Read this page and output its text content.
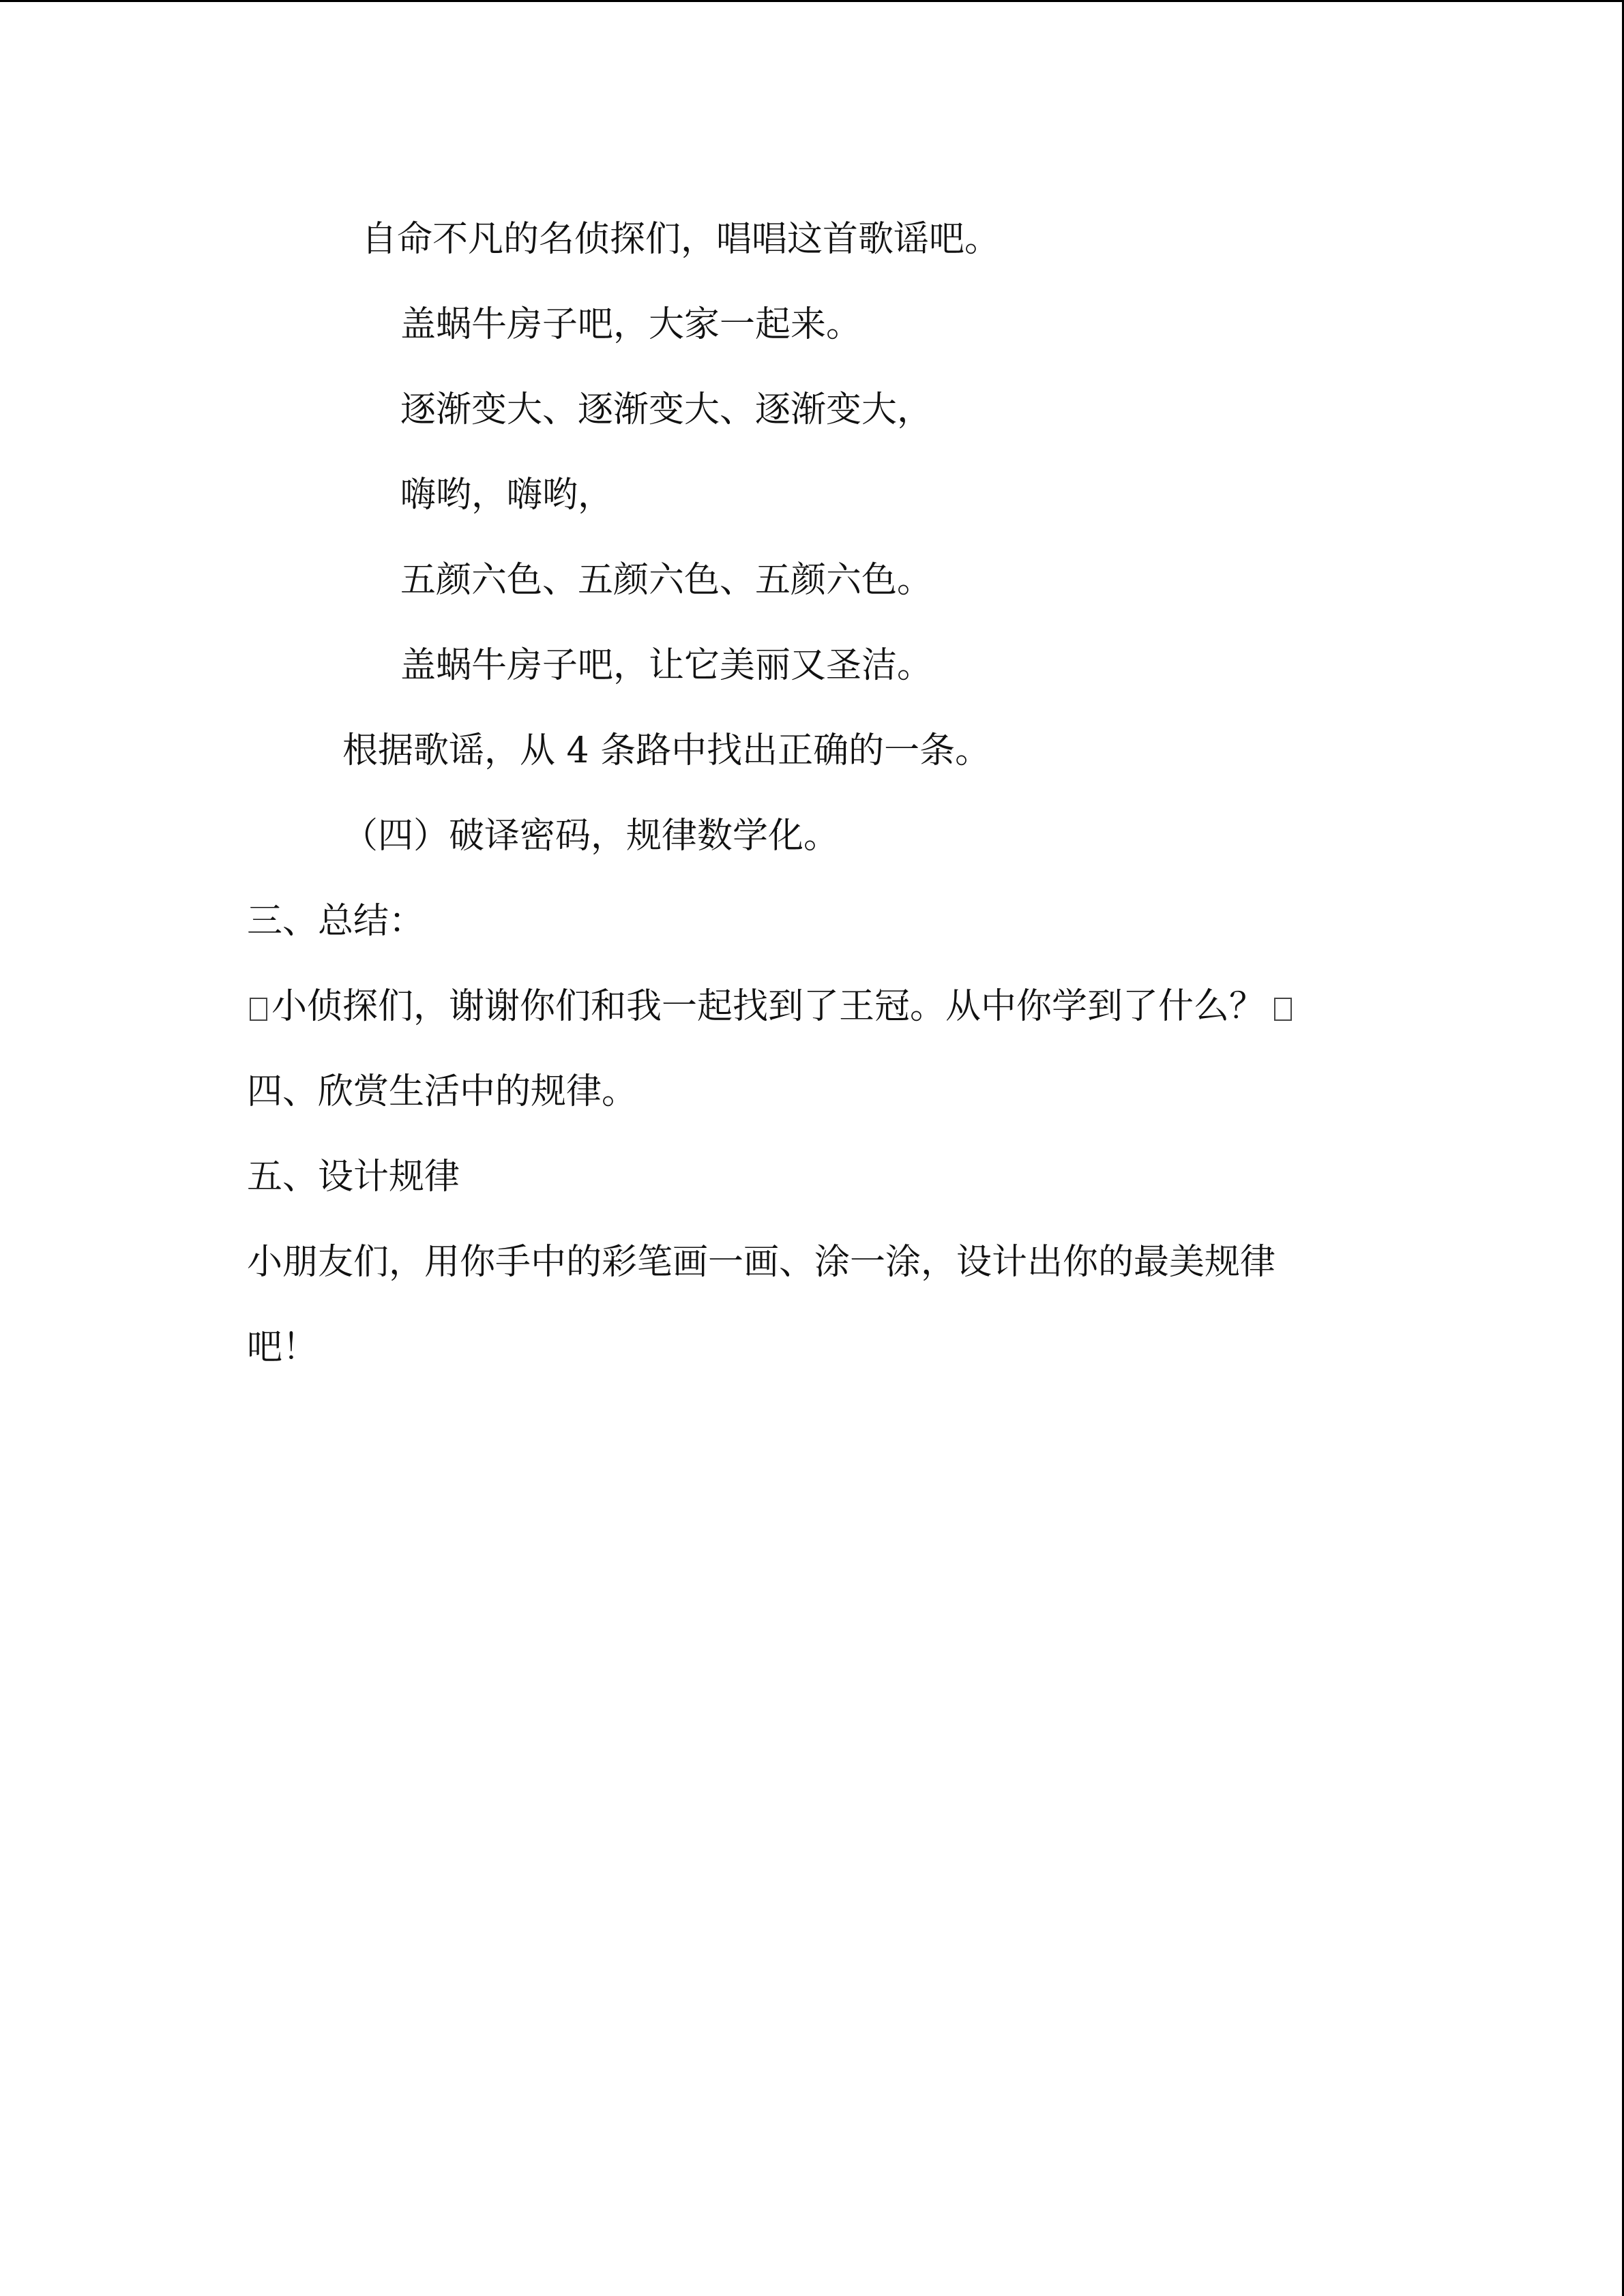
自命不凡的名侦探们，唱唱这首歌谣吧。
盖蜗牛房子吧，大家一起来。
逐渐变大、逐渐变大、逐渐变大，
嗨哟，嗨哟，
五颜六色、五颜六色、五颜六色。
盖蜗牛房子吧，让它美丽又圣洁。
根据歌谣，从 4 条路中找出正确的一条。
（四）破译密码，规律数学化。
三、总结：
小侦探们，谢谢你们和我一起找到了王冠。从中你学到了什么？
四、欣赏生活中的规律。
五、设计规律
小朋友们，用你手中的彩笔画一画、涂一涂，设计出你的最美规律
吧！
